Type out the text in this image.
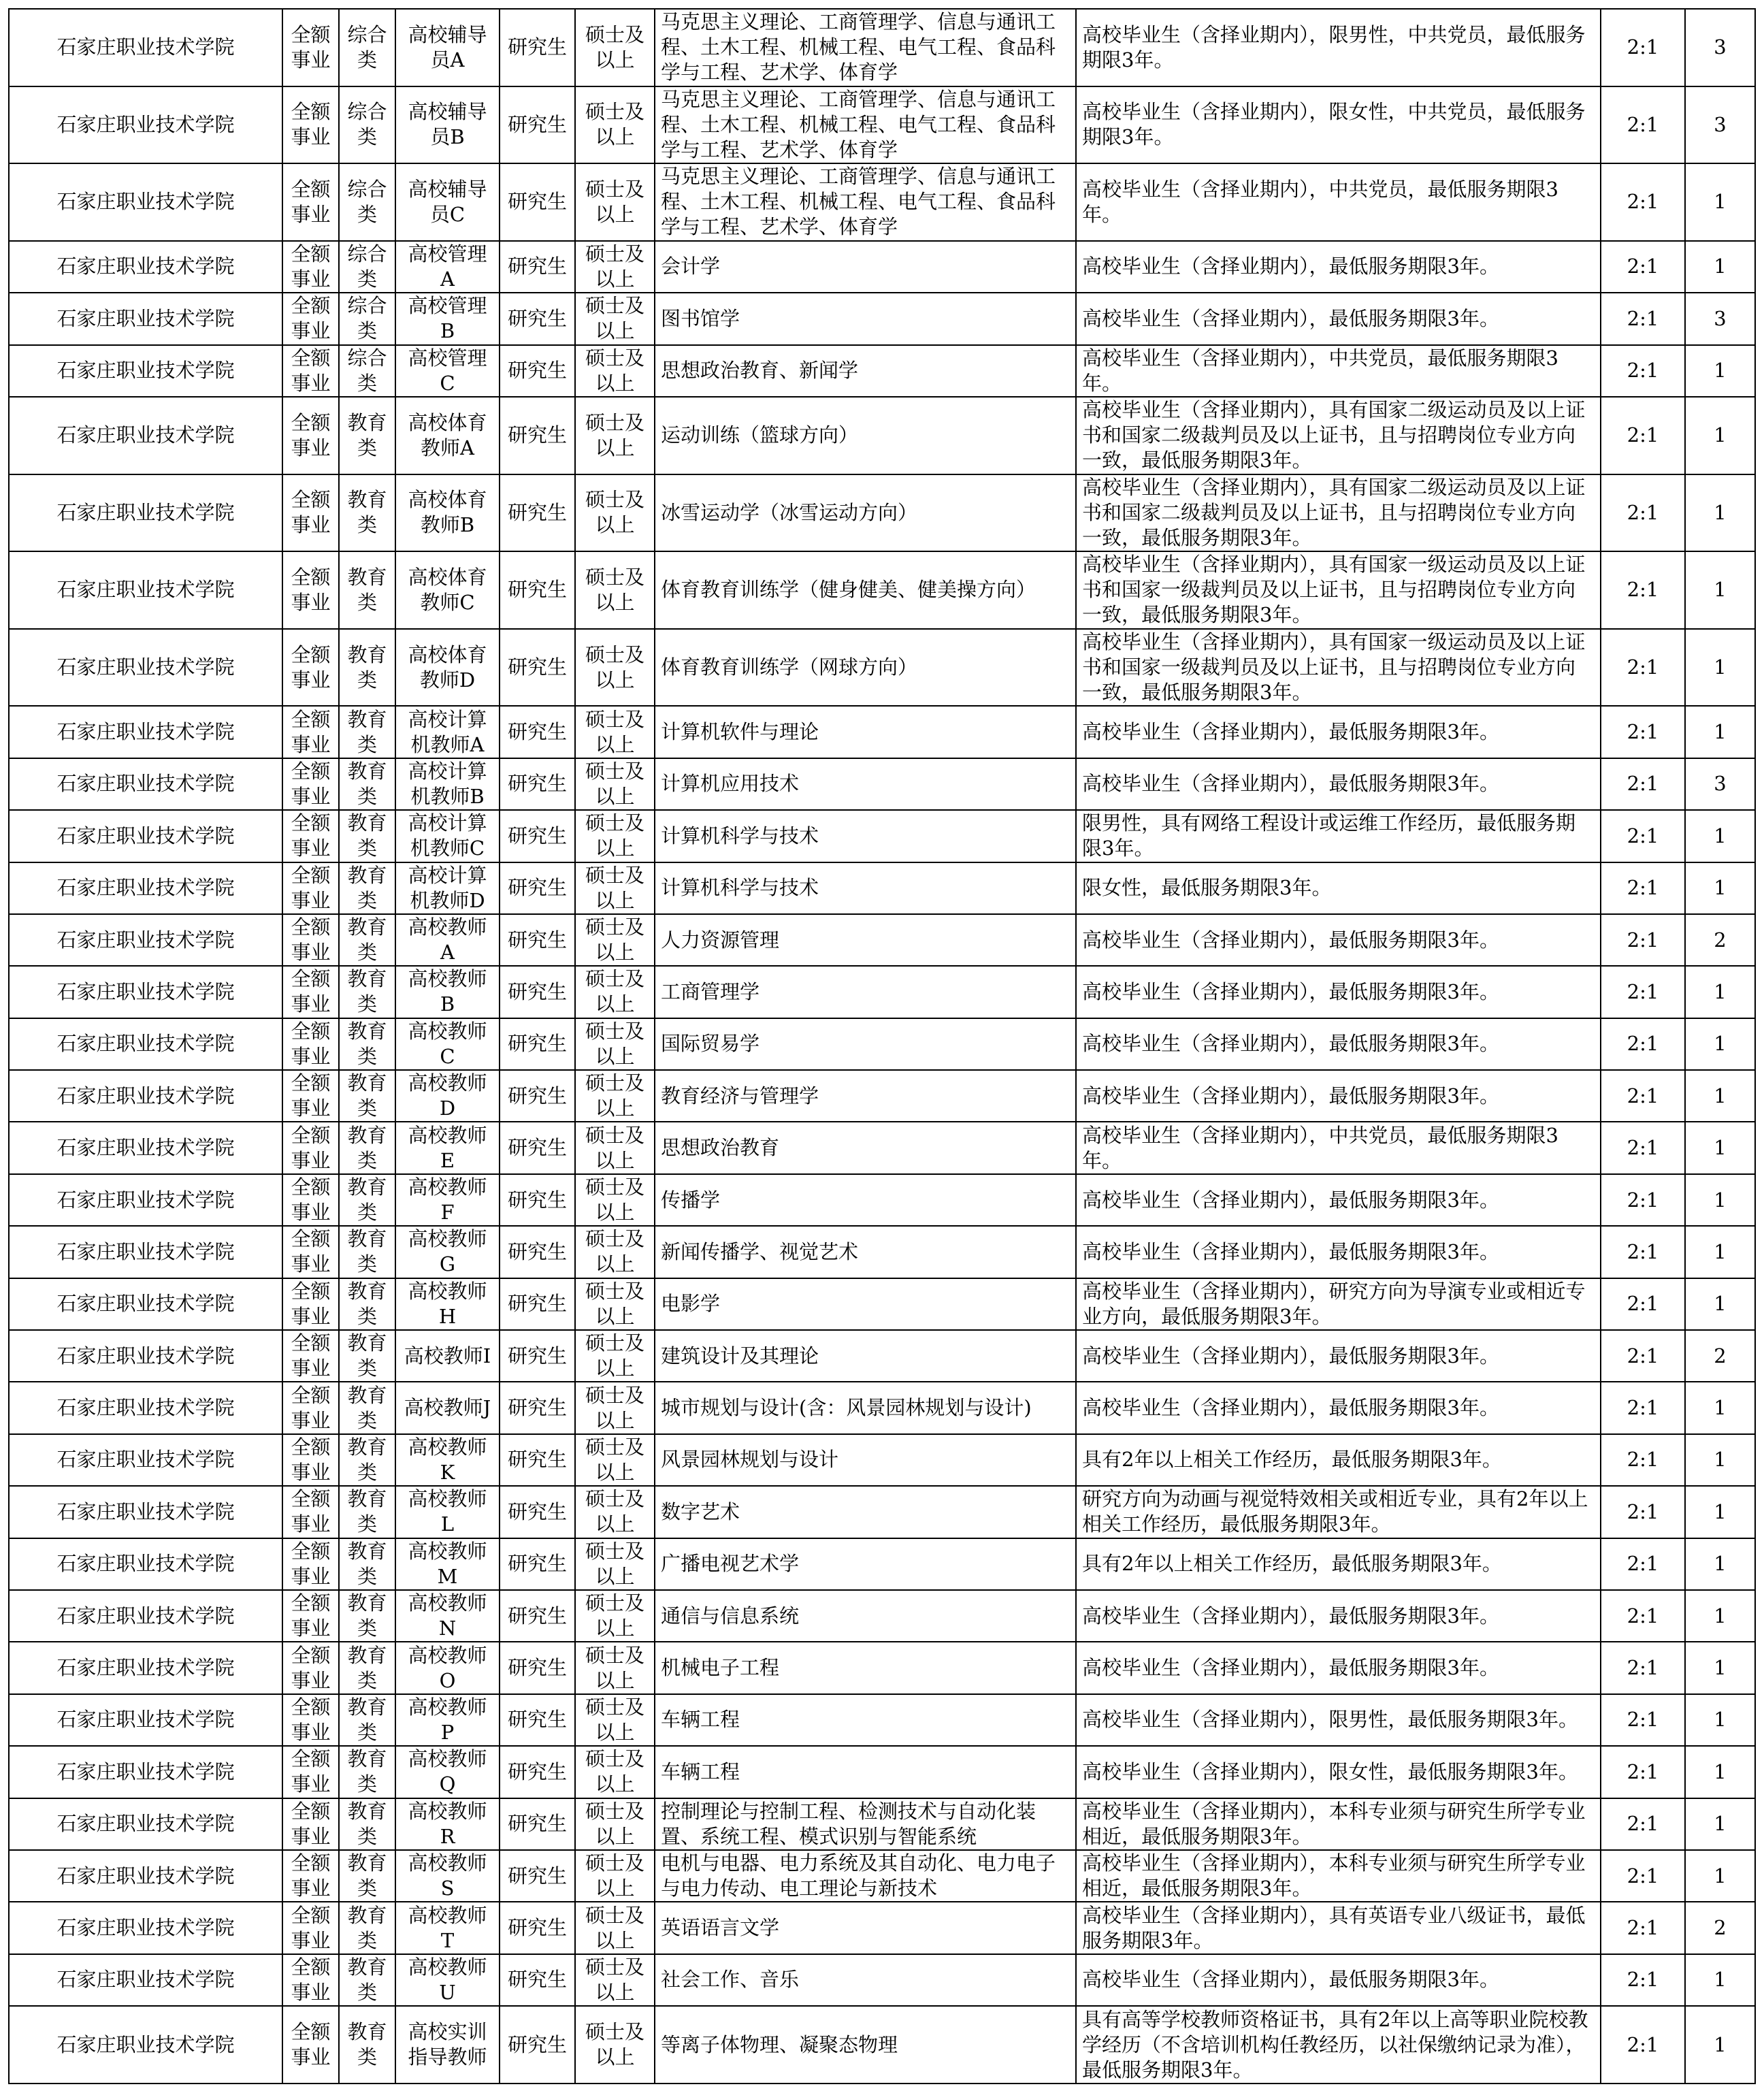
石家庄职业技术学院	全额事业	综合类	高校辅导员A	研究生	硕士及以上	马克思主义理论、工商管理学、信息与通讯工程、土木工程、机械工程、电气工程、食品科学与工程、艺术学、体育学	高校毕业生（含择业期内），限男性，中共党员，最低服务期限3年。	2:1	3
石家庄职业技术学院	全额事业	综合类	高校辅导员B	研究生	硕士及以上	马克思主义理论、工商管理学、信息与通讯工程、土木工程、机械工程、电气工程、食品科学与工程、艺术学、体育学	高校毕业生（含择业期内），限女性，中共党员，最低服务期限3年。	2:1	3
石家庄职业技术学院	全额事业	综合类	高校辅导员C	研究生	硕士及以上	马克思主义理论、工商管理学、信息与通讯工程、土木工程、机械工程、电气工程、食品科学与工程、艺术学、体育学	高校毕业生（含择业期内），中共党员，最低服务期限3年。	2:1	1
石家庄职业技术学院	全额事业	综合类	高校管理A	研究生	硕士及以上	会计学	高校毕业生（含择业期内），最低服务期限3年。	2:1	1
石家庄职业技术学院	全额事业	综合类	高校管理B	研究生	硕士及以上	图书馆学	高校毕业生（含择业期内），最低服务期限3年。	2:1	3
石家庄职业技术学院	全额事业	综合类	高校管理C	研究生	硕士及以上	思想政治教育、新闻学	高校毕业生（含择业期内），中共党员，最低服务期限3年。	2:1	1
石家庄职业技术学院	全额事业	教育类	高校体育教师A	研究生	硕士及以上	运动训练（篮球方向）	高校毕业生（含择业期内），具有国家二级运动员及以上证书和国家二级裁判员及以上证书，且与招聘岗位专业方向一致，最低服务期限3年。	2:1	1
石家庄职业技术学院	全额事业	教育类	高校体育教师B	研究生	硕士及以上	冰雪运动学（冰雪运动方向）	高校毕业生（含择业期内），具有国家二级运动员及以上证书和国家二级裁判员及以上证书，且与招聘岗位专业方向一致，最低服务期限3年。	2:1	1
石家庄职业技术学院	全额事业	教育类	高校体育教师C	研究生	硕士及以上	体育教育训练学（健身健美、健美操方向）	高校毕业生（含择业期内），具有国家一级运动员及以上证书和国家一级裁判员及以上证书，且与招聘岗位专业方向一致，最低服务期限3年。	2:1	1
石家庄职业技术学院	全额事业	教育类	高校体育教师D	研究生	硕士及以上	体育教育训练学（网球方向）	高校毕业生（含择业期内），具有国家一级运动员及以上证书和国家一级裁判员及以上证书，且与招聘岗位专业方向一致，最低服务期限3年。	2:1	1
石家庄职业技术学院	全额事业	教育类	高校计算机教师A	研究生	硕士及以上	计算机软件与理论	高校毕业生（含择业期内），最低服务期限3年。	2:1	1
石家庄职业技术学院	全额事业	教育类	高校计算机教师B	研究生	硕士及以上	计算机应用技术	高校毕业生（含择业期内），最低服务期限3年。	2:1	3
石家庄职业技术学院	全额事业	教育类	高校计算机教师C	研究生	硕士及以上	计算机科学与技术	限男性，具有网络工程设计或运维工作经历，最低服务期限3年。	2:1	1
石家庄职业技术学院	全额事业	教育类	高校计算机教师D	研究生	硕士及以上	计算机科学与技术	限女性，最低服务期限3年。	2:1	1
石家庄职业技术学院	全额事业	教育类	高校教师A	研究生	硕士及以上	人力资源管理	高校毕业生（含择业期内），最低服务期限3年。	2:1	2
石家庄职业技术学院	全额事业	教育类	高校教师B	研究生	硕士及以上	工商管理学	高校毕业生（含择业期内），最低服务期限3年。	2:1	1
石家庄职业技术学院	全额事业	教育类	高校教师C	研究生	硕士及以上	国际贸易学	高校毕业生（含择业期内），最低服务期限3年。	2:1	1
石家庄职业技术学院	全额事业	教育类	高校教师D	研究生	硕士及以上	教育经济与管理学	高校毕业生（含择业期内），最低服务期限3年。	2:1	1
石家庄职业技术学院	全额事业	教育类	高校教师E	研究生	硕士及以上	思想政治教育	高校毕业生（含择业期内），中共党员，最低服务期限3年。	2:1	1
石家庄职业技术学院	全额事业	教育类	高校教师F	研究生	硕士及以上	传播学	高校毕业生（含择业期内），最低服务期限3年。	2:1	1
石家庄职业技术学院	全额事业	教育类	高校教师G	研究生	硕士及以上	新闻传播学、视觉艺术	高校毕业生（含择业期内），最低服务期限3年。	2:1	1
石家庄职业技术学院	全额事业	教育类	高校教师H	研究生	硕士及以上	电影学	高校毕业生（含择业期内），研究方向为导演专业或相近专业方向，最低服务期限3年。	2:1	1
石家庄职业技术学院	全额事业	教育类	高校教师I	研究生	硕士及以上	建筑设计及其理论	高校毕业生（含择业期内），最低服务期限3年。	2:1	2
石家庄职业技术学院	全额事业	教育类	高校教师J	研究生	硕士及以上	城市规划与设计(含：风景园林规划与设计)	高校毕业生（含择业期内），最低服务期限3年。	2:1	1
石家庄职业技术学院	全额事业	教育类	高校教师K	研究生	硕士及以上	风景园林规划与设计	具有2年以上相关工作经历，最低服务期限3年。	2:1	1
石家庄职业技术学院	全额事业	教育类	高校教师L	研究生	硕士及以上	数字艺术	研究方向为动画与视觉特效相关或相近专业，具有2年以上相关工作经历，最低服务期限3年。	2:1	1
石家庄职业技术学院	全额事业	教育类	高校教师M	研究生	硕士及以上	广播电视艺术学	具有2年以上相关工作经历，最低服务期限3年。	2:1	1
石家庄职业技术学院	全额事业	教育类	高校教师N	研究生	硕士及以上	通信与信息系统	高校毕业生（含择业期内），最低服务期限3年。	2:1	1
石家庄职业技术学院	全额事业	教育类	高校教师O	研究生	硕士及以上	机械电子工程	高校毕业生（含择业期内），最低服务期限3年。	2:1	1
石家庄职业技术学院	全额事业	教育类	高校教师P	研究生	硕士及以上	车辆工程	高校毕业生（含择业期内），限男性，最低服务期限3年。	2:1	1
石家庄职业技术学院	全额事业	教育类	高校教师Q	研究生	硕士及以上	车辆工程	高校毕业生（含择业期内），限女性，最低服务期限3年。	2:1	1
石家庄职业技术学院	全额事业	教育类	高校教师R	研究生	硕士及以上	控制理论与控制工程、检测技术与自动化装置、系统工程、模式识别与智能系统	高校毕业生（含择业期内），本科专业须与研究生所学专业相近，最低服务期限3年。	2:1	1
石家庄职业技术学院	全额事业	教育类	高校教师S	研究生	硕士及以上	电机与电器、电力系统及其自动化、电力电子与电力传动、电工理论与新技术	高校毕业生（含择业期内），本科专业须与研究生所学专业相近，最低服务期限3年。	2:1	1
石家庄职业技术学院	全额事业	教育类	高校教师T	研究生	硕士及以上	英语语言文学	高校毕业生（含择业期内），具有英语专业八级证书，最低服务期限3年。	2:1	2
石家庄职业技术学院	全额事业	教育类	高校教师U	研究生	硕士及以上	社会工作、音乐	高校毕业生（含择业期内），最低服务期限3年。	2:1	1
石家庄职业技术学院	全额事业	教育类	高校实训指导教师	研究生	硕士及以上	等离子体物理、凝聚态物理	具有高等学校教师资格证书，具有2年以上高等职业院校教学经历（不含培训机构任教经历，以社保缴纳记录为准），最低服务期限3年。	2:1	1
